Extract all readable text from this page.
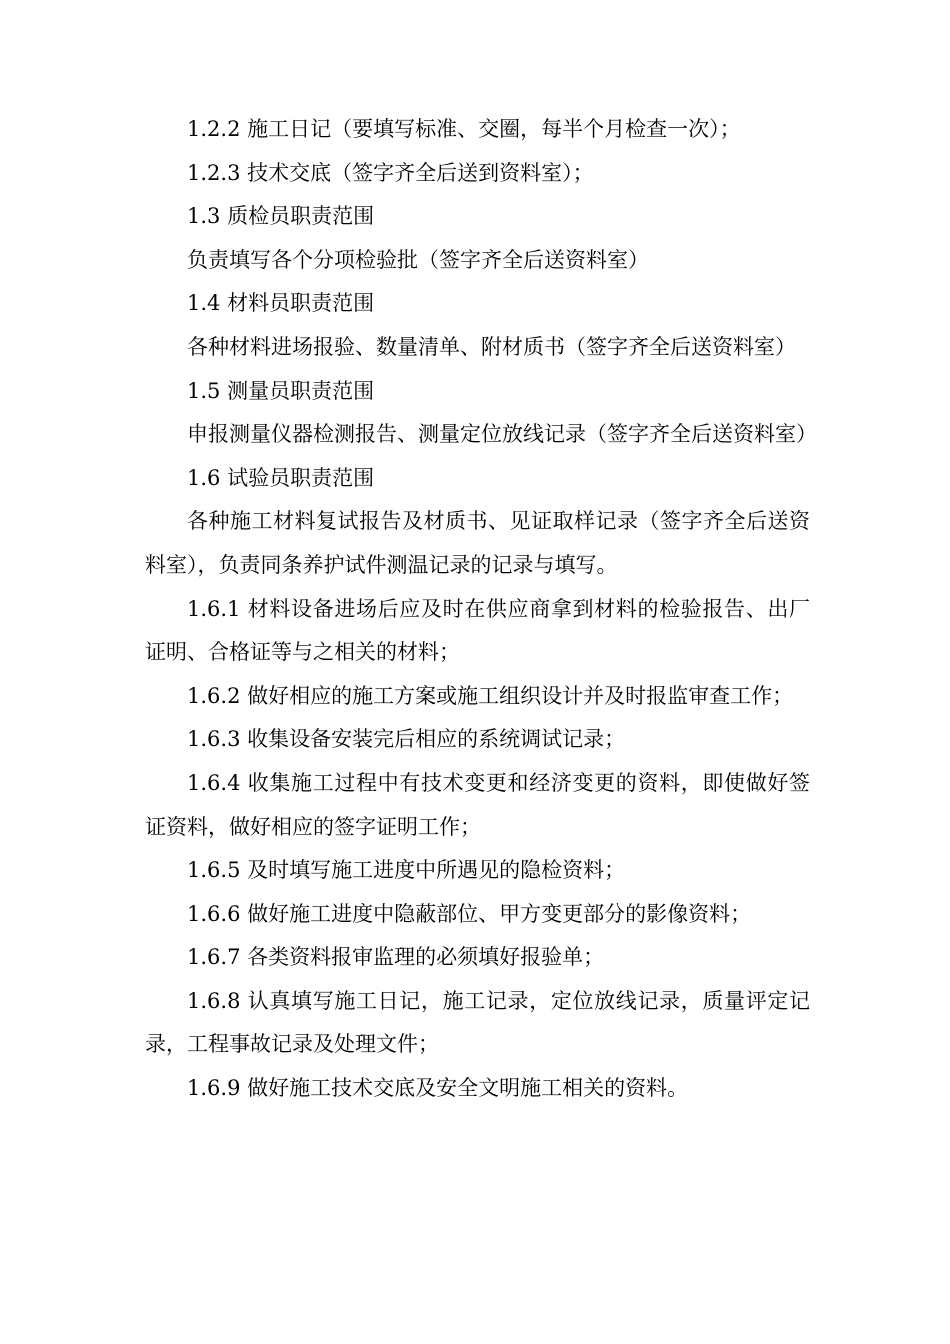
1.2.2 施工日记（要填写标准、交圈，每半个月检查一次）；

1.2.3 技术交底（签字齐全后送到资料室）；

1.3 质检员职责范围

负责填写各个分项检验批（签字齐全后送资料室）

1.4 材料员职责范围

各种材料进场报验、数量清单、附材质书（签字齐全后送资料室）

1.5 测量员职责范围

申报测量仪器检测报告、测量定位放线记录（签字齐全后送资料室）

1.6 试验员职责范围

各种施工材料复试报告及材质书、见证取样记录（签字齐全后送资料室），负责同条养护试件测温记录的记录与填写。

1.6.1 材料设备进场后应及时在供应商拿到材料的检验报告、出厂证明、合格证等与之相关的材料；

1.6.2 做好相应的施工方案或施工组织设计并及时报监审查工作；

1.6.3 收集设备安装完后相应的系统调试记录；

1.6.4 收集施工过程中有技术变更和经济变更的资料，即使做好签证资料，做好相应的签字证明工作；

1.6.5 及时填写施工进度中所遇见的隐检资料；

1.6.6 做好施工进度中隐蔽部位、甲方变更部分的影像资料；

1.6.7 各类资料报审监理的必须填好报验单；

1.6.8 认真填写施工日记，施工记录，定位放线记录，质量评定记录，工程事故记录及处理文件；

1.6.9 做好施工技术交底及安全文明施工相关的资料。
